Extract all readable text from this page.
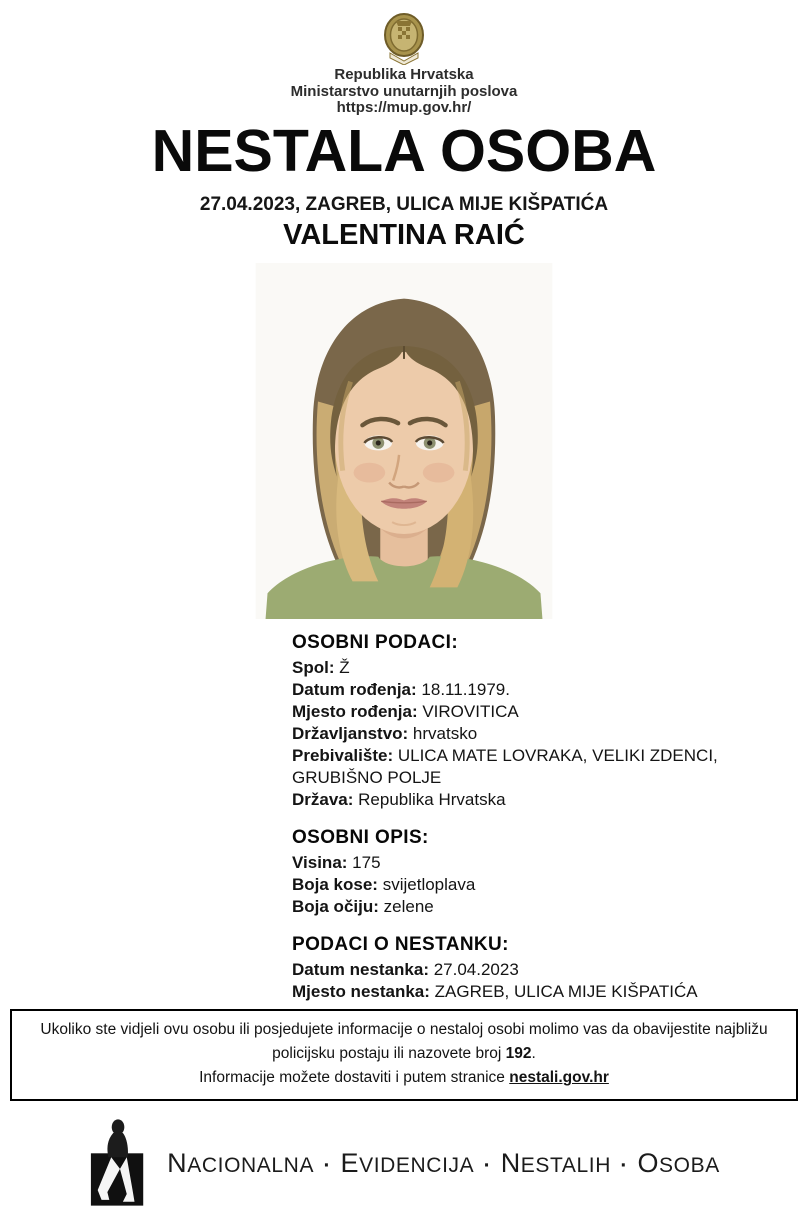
Republika Hrvatska
Ministarstvo unutarnjih poslova
https://mup.gov.hr/
NESTALA OSOBA
27.04.2023, ZAGREB, ULICA MIJE KIŠPATIĆA
VALENTINA RAIĆ
OSOBNI PODACI:
Spol: Ž
Datum rođenja: 18.11.1979.
Mjesto rođenja: VIROVITICA
Državljanstvo: hrvatsko
Prebivalište: ULICA MATE LOVRAKA, VELIKI ZDENCI, GRUBIŠNO POLJE
Država: Republika Hrvatska
OSOBNI OPIS:
Visina: 175
Boja kose: svijetloplava
Boja očiju: zelene
PODACI O NESTANKU:
Datum nestanka: 27.04.2023
Mjesto nestanka: ZAGREB, ULICA MIJE KIŠPATIĆA

Ukoliko ste vidjeli ovu osobu ili posjedujete informacije o nestaloj osobi molimo vas da obavijestite najbližu policijsku postaju ili nazovete broj 192.

Informacije možete dostaviti i putem stranice nestali.gov.hr

NACIONALNA · EVIDENCIJA · NESTALIH · OSOBA
